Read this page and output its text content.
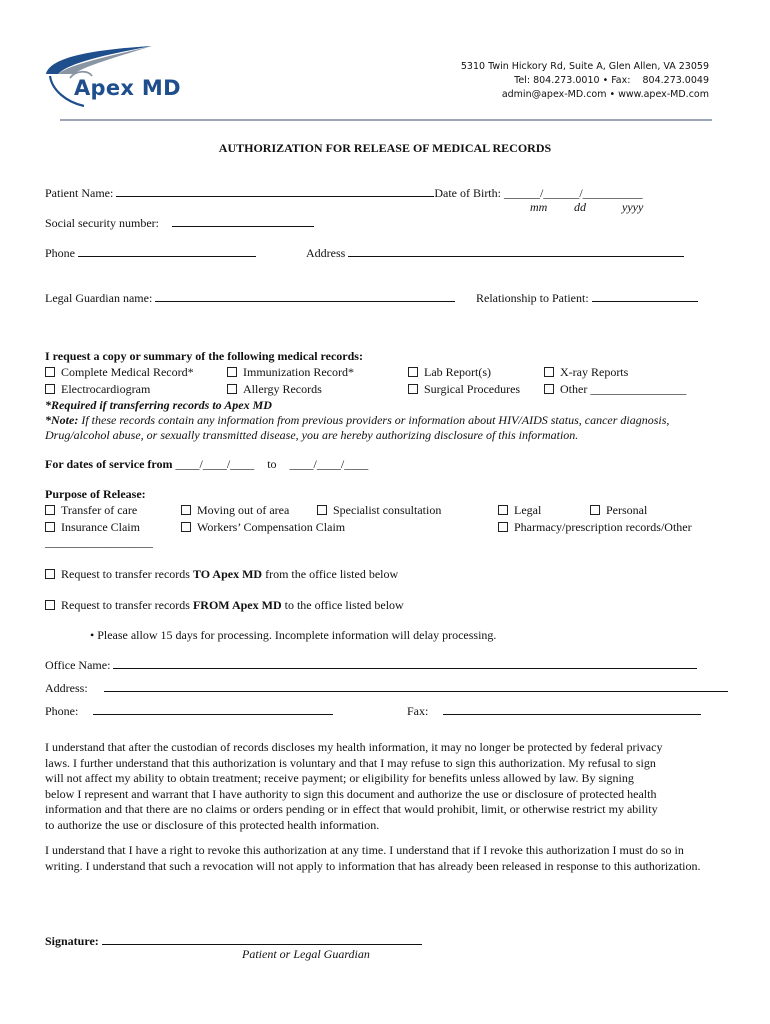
Apex MD
5310 Twin Hickory Rd, Suite A, Glen Allen, VA 23059
Tel: 804.273.0010 • Fax:    804.273.0049
admin@apex-MD.com • www.apex-MD.com
AUTHORIZATION FOR RELEASE OF MEDICAL RECORDS
Patient Name:	Date of Birth: ______/______/__________
mm dd	yyyy
Social security number:
Phone	Address
Legal Guardian name:	Relationship to Patient:
I request a copy or summary of the following medical records:
Complete Medical Record*	Immunization Record*	Lab Report(s)	X-ray Reports
Electrocardiogram	Allergy Records	Surgical Procedures	Other ________________
*Required if transferring records to Apex MD
*Note: If these records contain any information from previous providers or information about HIV/AIDS status, cancer diagnosis,
Drug/alcohol abuse, or sexually transmitted disease, you are hereby authorizing disclosure of this information.
For dates of service from ____/____/____ to ____/____/____
Purpose of Release:
Transfer of care	Moving out of area	Specialist consultation	Legal	Personal
Insurance Claim	Workers’ Compensation Claim	Pharmacy/prescription records/Other
__________________
Request to transfer records TO Apex MD from the office listed below
Request to transfer records FROM Apex MD to the office listed below
• Please allow 15 days for processing. Incomplete information will delay processing.
Office Name:
Address:
Phone:	Fax:
I understand that after the custodian of records discloses my health information, it may no longer be protected by federal privacy laws. I further understand that this authorization is voluntary and that I may refuse to sign this authorization. My refusal to sign will not affect my ability to obtain treatment; receive payment; or eligibility for benefits unless allowed by law. By signing below I represent and warrant that I have authority to sign this document and authorize the use or disclosure of protected health information and that there are no claims or orders pending or in effect that would prohibit, limit, or otherwise restrict my ability to authorize the use or disclosure of this protected health information.
I understand that I have a right to revoke this authorization at any time. I understand that if I revoke this authorization I must do so in writing. I understand that such a revocation will not apply to information that has already been released in response to this authorization.
Signature:
Patient or Legal Guardian
